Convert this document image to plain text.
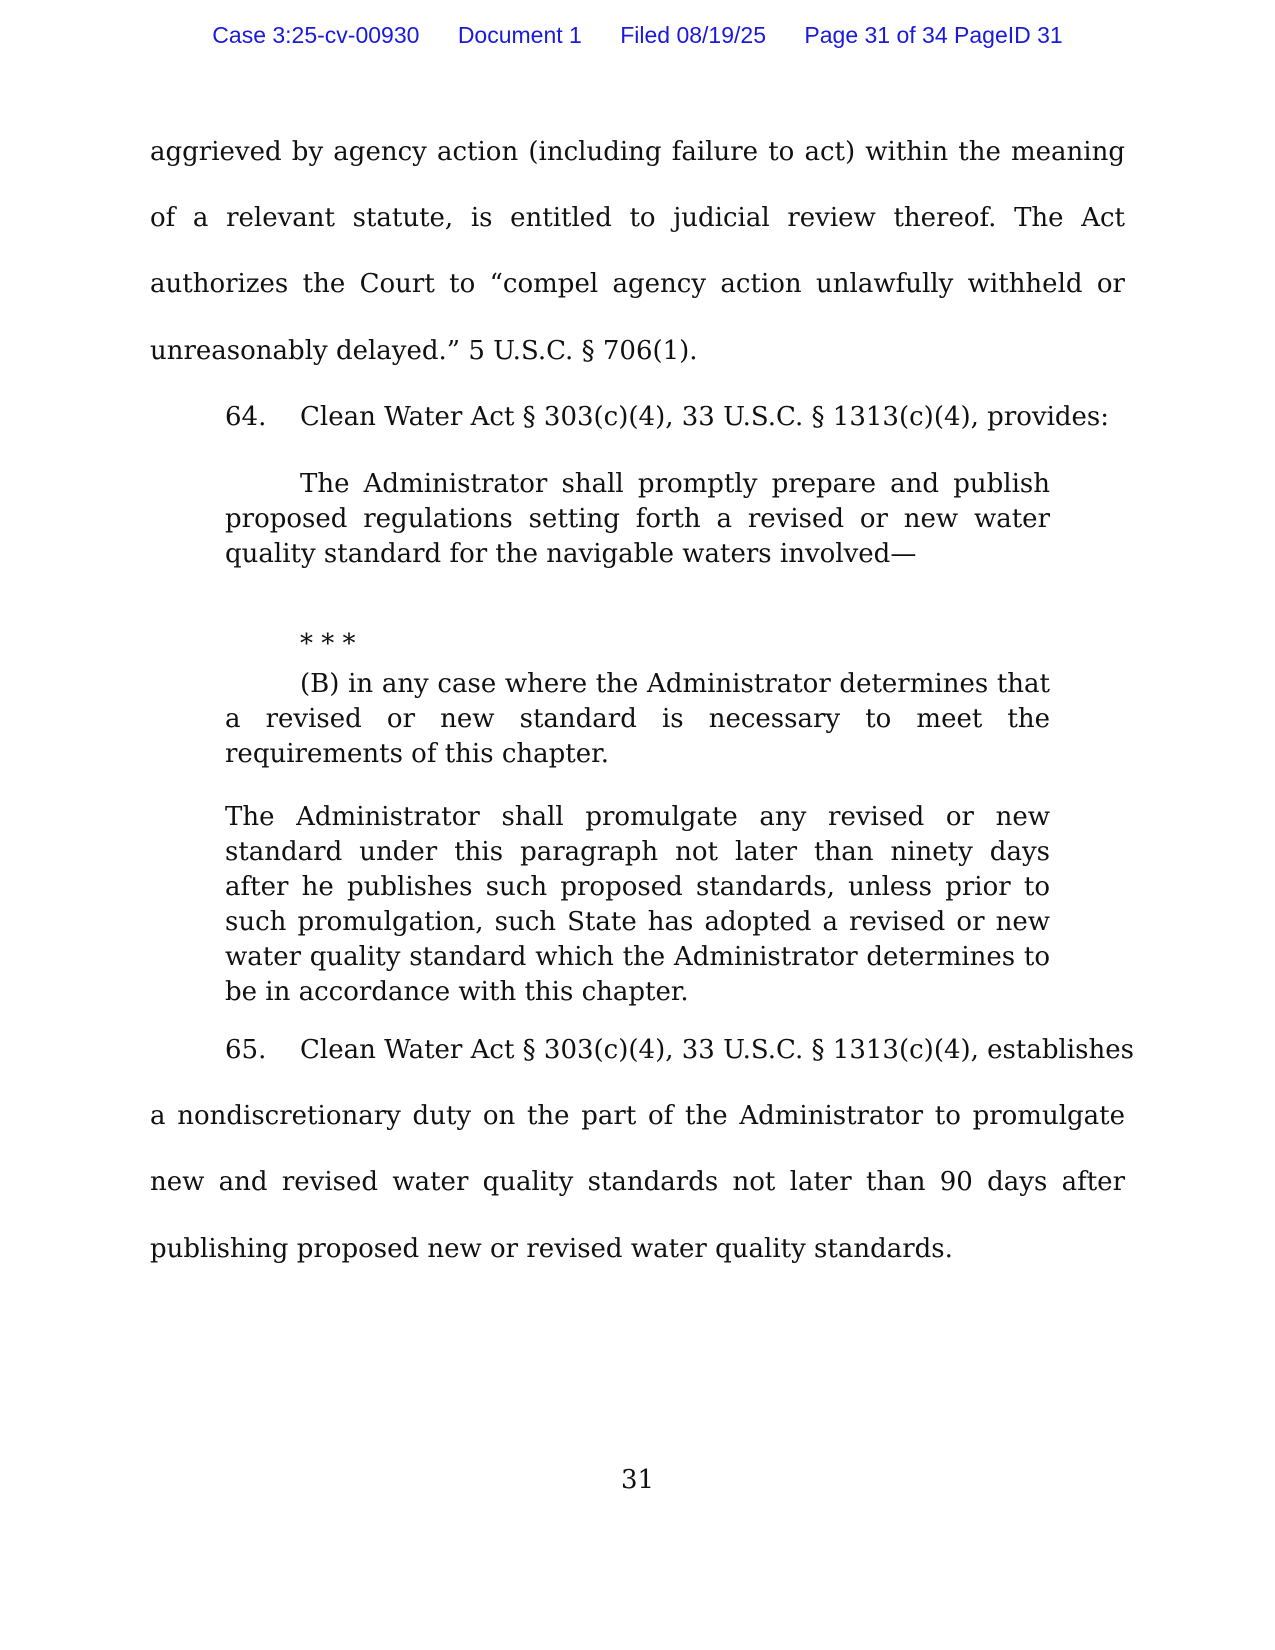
Case 3:25-cv-00930 Document 1 Filed 08/19/25 Page 31 of 34 PageID 31
aggrieved by agency action (including failure to act) within the meaning
of a relevant statute, is entitled to judicial review thereof. The Act
authorizes the Court to “compel agency action unlawfully withheld or
unreasonably delayed.” 5 U.S.C. § 706(1).
64. Clean Water Act § 303(c)(4), 33 U.S.C. § 1313(c)(4), provides:

The Administrator shall promptly prepare and publish proposed regulations setting forth a revised or new water quality standard for the navigable waters involved—

* * *

(B) in any case where the Administrator determines that a revised or new standard is necessary to meet the requirements of this chapter.

The Administrator shall promulgate any revised or new standard under this paragraph not later than ninety days after he publishes such proposed standards, unless prior to such promulgation, such State has adopted a revised or new water quality standard which the Administrator determines to be in accordance with this chapter.

65. Clean Water Act § 303(c)(4), 33 U.S.C. § 1313(c)(4), establishes
a nondiscretionary duty on the part of the Administrator to promulgate
new and revised water quality standards not later than 90 days after
publishing proposed new or revised water quality standards.
31
